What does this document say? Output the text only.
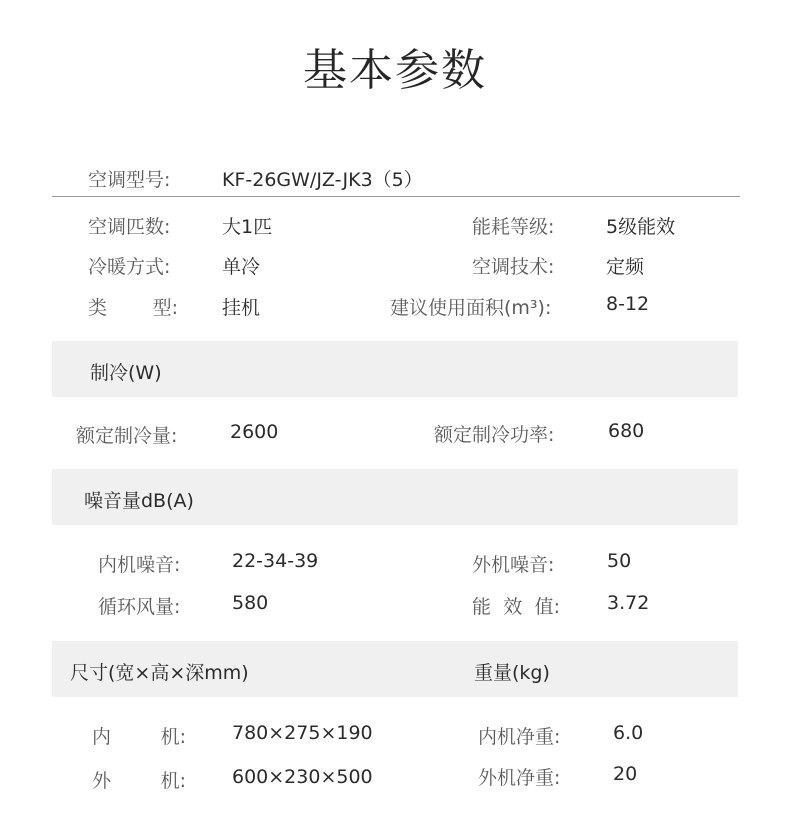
基本参数
空调型号:	KF-26GW/JZ-JK3（5）
空调匹数:	大1匹	能耗等级:	5级能效
冷暖方式:	单冷	空调技术:	定频
类 型: 挂机	建议使用面积(m³):	8-12
制冷(W)
额定制冷量:	2600	额定制冷功率:	680
噪音量dB(A)
内机噪音:	22-34-39	外机噪音:	50
循环风量:	580	能 效 值: 3.72
尺寸(宽×高×深mm)	重量(kg)
内	机: 780×275×190	内机净重:	6.0
外	机: 600×230×500	外机净重:	20
